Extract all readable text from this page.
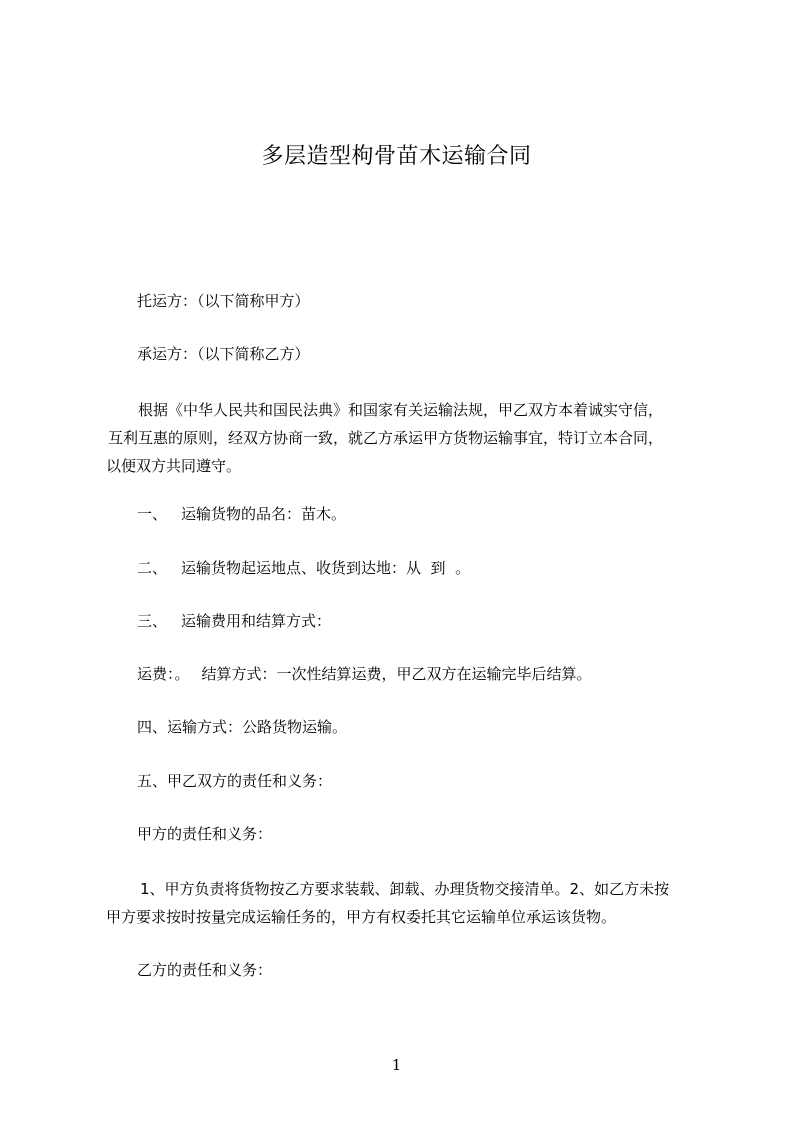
多层造型枸骨苗木运输合同
托运方：（以下简称甲方）
承运方：（以下简称乙方）
根据《中华人民共和国民法典》和国家有关运输法规，甲乙双方本着诚实守信，
互利互惠的原则，经双方协商一致，就乙方承运甲方货物运输事宜，特订立本合同，
以便双方共同遵守。
一、 运输货物的品名：苗木。
二、 运输货物起运地点、收货到达地：从  到  。
三、 运输费用和结算方式：
运费：。 结算方式：一次性结算运费，甲乙双方在运输完毕后结算。
四、运输方式：公路货物运输。
五、甲乙双方的责任和义务：
甲方的责任和义务：
1、甲方负责将货物按乙方要求装载、卸载、办理货物交接清单。2、如乙方未按
甲方要求按时按量完成运输任务的，甲方有权委托其它运输单位承运该货物。
乙方的责任和义务：
1
